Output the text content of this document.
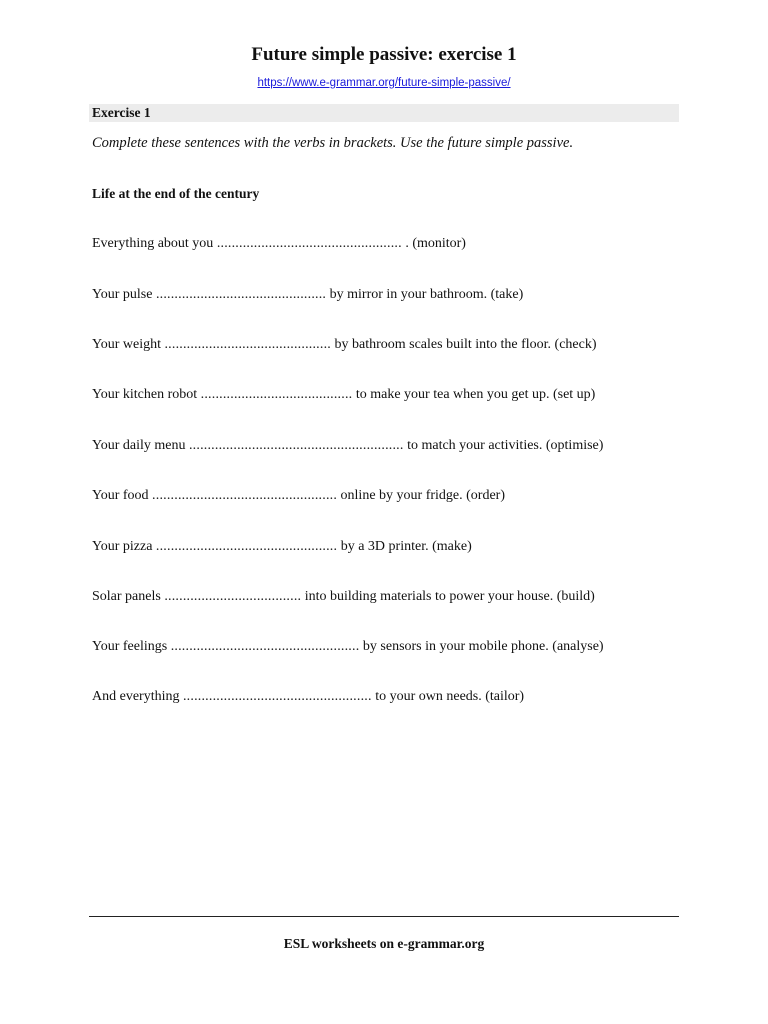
Future simple passive: exercise 1
https://www.e-grammar.org/future-simple-passive/
Exercise 1
Complete these sentences with the verbs in brackets. Use the future simple passive.
Life at the end of the century
Everything about you .................................................. . (monitor)
Your pulse .............................................. by mirror in your bathroom. (take)
Your weight ............................................. by bathroom scales built into the floor. (check)
Your kitchen robot ......................................... to make your tea when you get up. (set up)
Your daily menu .......................................................... to match your activities. (optimise)
Your food .................................................. online by your fridge. (order)
Your pizza ................................................. by a 3D printer. (make)
Solar panels ..................................... into building materials to power your house. (build)
Your feelings ................................................... by sensors in your mobile phone. (analyse)
And everything ................................................... to your own needs. (tailor)
ESL worksheets on e-grammar.org
